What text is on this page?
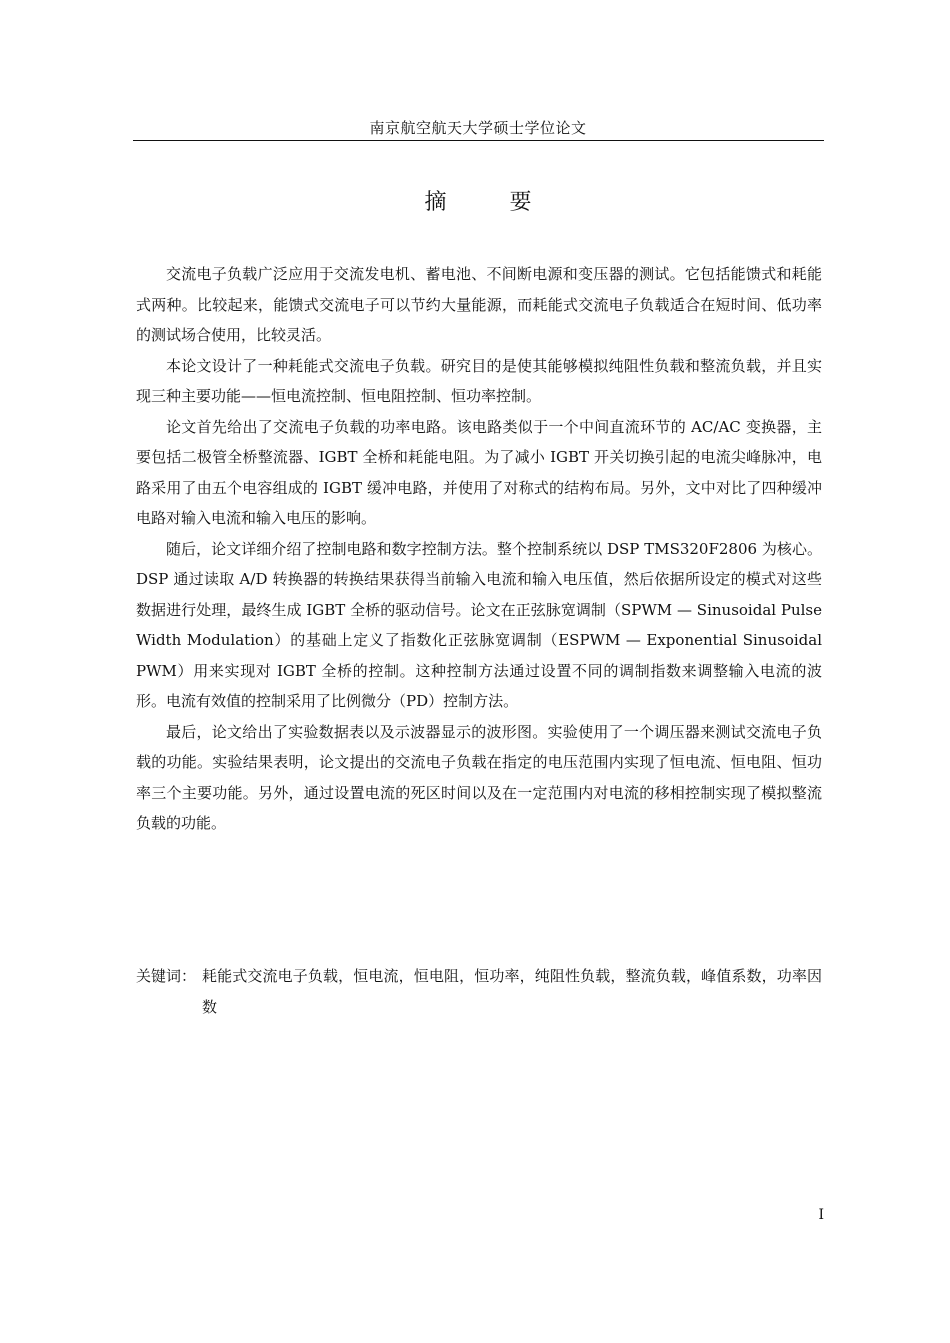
南京航空航天大学硕士学位论文
摘 要

交流电子负载广泛应用于交流发电机、蓄电池、不间断电源和变压器的测试。它包括能馈式和耗能式两种。比较起来，能馈式交流电子可以节约大量能源，而耗能式交流电子负载适合在短时间、低功率的测试场合使用，比较灵活。

本论文设计了一种耗能式交流电子负载。研究目的是使其能够模拟纯阻性负载和整流负载，并且实现三种主要功能——恒电流控制、恒电阻控制、恒功率控制。

论文首先给出了交流电子负载的功率电路。该电路类似于一个中间直流环节的 AC/AC 变换器，主要包括二极管全桥整流器、IGBT 全桥和耗能电阻。为了减小 IGBT 开关切换引起的电流尖峰脉冲，电路采用了由五个电容组成的 IGBT 缓冲电路，并使用了对称式的结构布局。另外，文中对比了四种缓冲电路对输入电流和输入电压的影响。

随后，论文详细介绍了控制电路和数字控制方法。整个控制系统以 DSP TMS320F2806 为核心。DSP 通过读取 A/D 转换器的转换结果获得当前输入电流和输入电压值，然后依据所设定的模式对这些数据进行处理，最终生成 IGBT 全桥的驱动信号。论文在正弦脉宽调制（SPWM — Sinusoidal Pulse Width Modulation）的基础上定义了指数化正弦脉宽调制（ESPWM — Exponential Sinusoidal PWM）用来实现对 IGBT 全桥的控制。这种控制方法通过设置不同的调制指数来调整输入电流的波形。电流有效值的控制采用了比例微分（PD）控制方法。

最后，论文给出了实验数据表以及示波器显示的波形图。实验使用了一个调压器来测试交流电子负载的功能。实验结果表明，论文提出的交流电子负载在指定的电压范围内实现了恒电流、恒电阻、恒功率三个主要功能。另外，通过设置电流的死区时间以及在一定范围内对电流的移相控制实现了模拟整流负载的功能。

关键词： 耗能式交流电子负载，恒电流，恒电阻，恒功率，纯阻性负载，整流负载，峰值系数，功率因数
I
